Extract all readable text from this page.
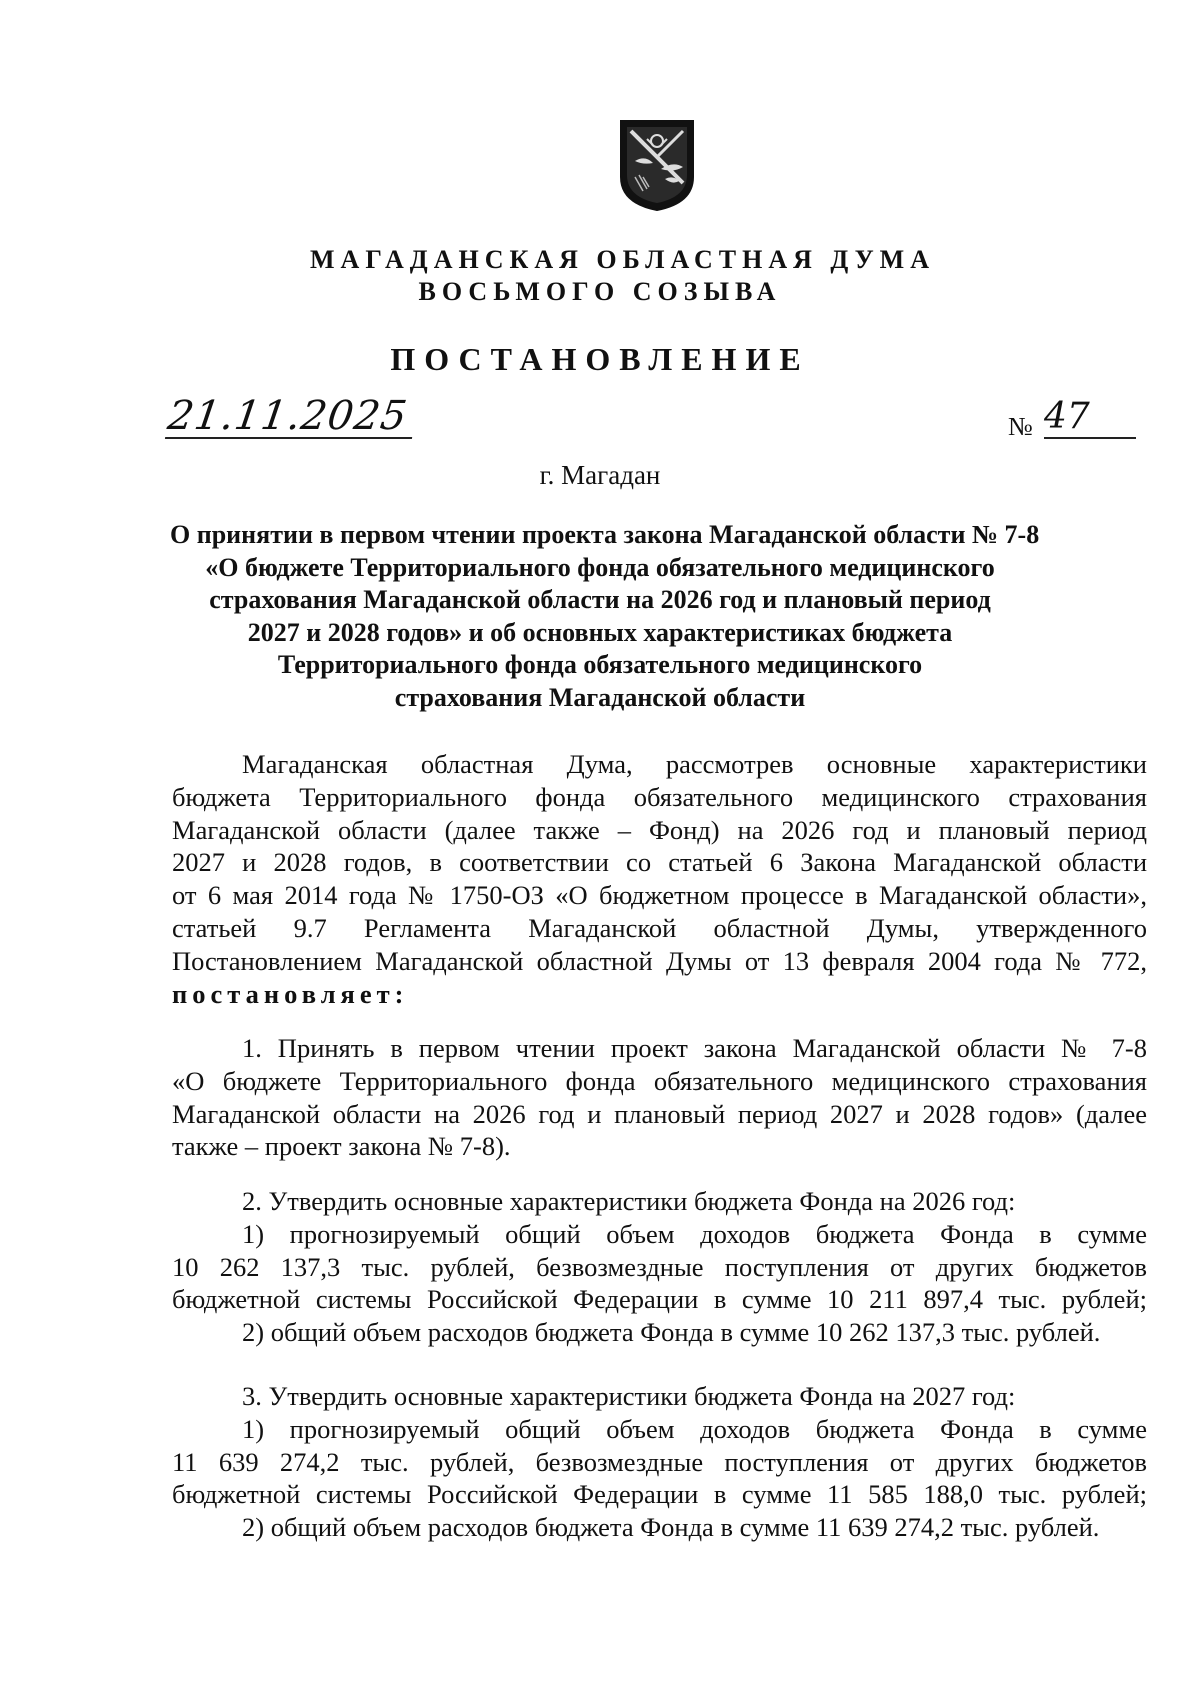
МАГАДАНСКАЯ ОБЛАСТНАЯ ДУМА
ВОСЬМОГО СОЗЫВА
ПОСТАНОВЛЕНИЕ
21.11.2025	№ 47
г. Магадан
О принятии в первом чтении проекта закона Магаданской области № 7-8
«О бюджете Территориального фонда обязательного медицинского
страхования Магаданской области на 2026 год и плановый период
2027 и 2028 годов» и об основных характеристиках бюджета
Территориального фонда обязательного медицинского
страхования Магаданской области
Магаданская областная Дума, рассмотрев основные характеристики
бюджета Территориального фонда обязательного медицинского страхования
Магаданской области (далее также – Фонд) на 2026 год и плановый период
2027 и 2028 годов, в соответствии со статьей 6 Закона Магаданской области
от 6 мая 2014 года № 1750-ОЗ «О бюджетном процессе в Магаданской области»,
статьей 9.7 Регламента Магаданской областной Думы, утвержденного
Постановлением Магаданской областной Думы от 13 февраля 2004 года № 772,
постановляет:
1. Принять в первом чтении проект закона Магаданской области № 7-8
«О бюджете Территориального фонда обязательного медицинского страхования
Магаданской области на 2026 год и плановый период 2027 и 2028 годов» (далее
также – проект закона № 7-8).
2. Утвердить основные характеристики бюджета Фонда на 2026 год:
1) прогнозируемый общий объем доходов бюджета Фонда в сумме
10 262 137,3 тыс. рублей, безвозмездные поступления от других бюджетов
бюджетной системы Российской Федерации в сумме 10 211 897,4 тыс. рублей;
2) общий объем расходов бюджета Фонда в сумме 10 262 137,3 тыс. рублей.
3. Утвердить основные характеристики бюджета Фонда на 2027 год:
1) прогнозируемый общий объем доходов бюджета Фонда в сумме
11 639 274,2 тыс. рублей, безвозмездные поступления от других бюджетов
бюджетной системы Российской Федерации в сумме 11 585 188,0 тыс. рублей;
2) общий объем расходов бюджета Фонда в сумме 11 639 274,2 тыс. рублей.
